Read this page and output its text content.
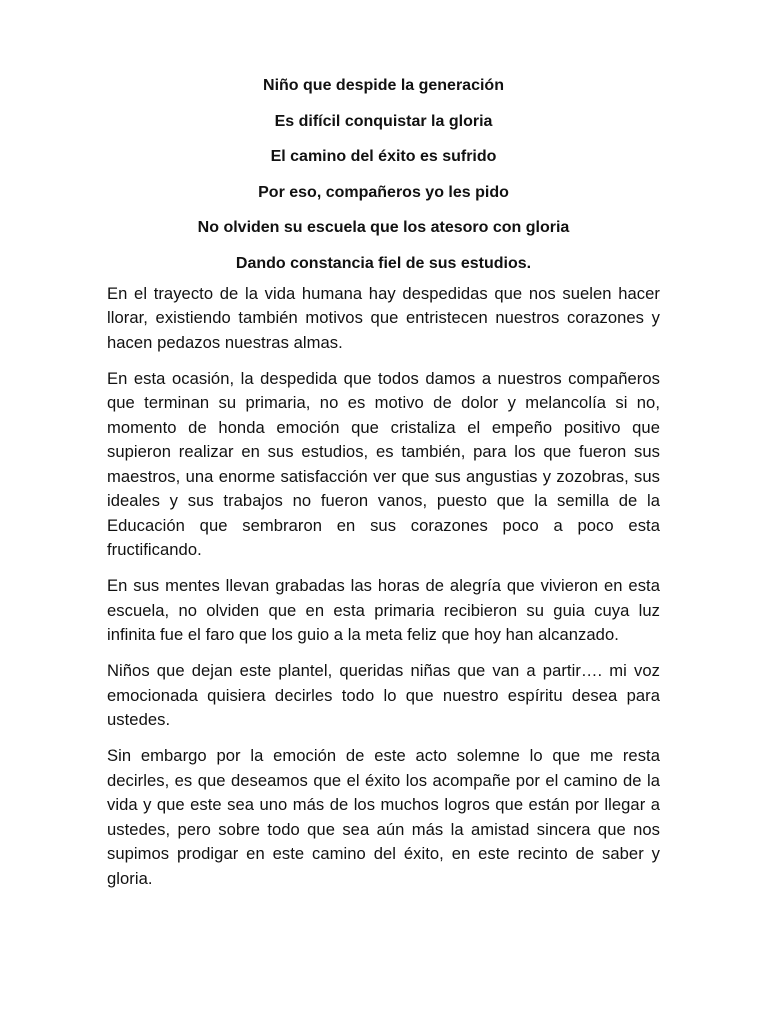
Niño que despide la generación
Es difícil conquistar la gloria
El camino del éxito es sufrido
Por eso, compañeros yo les pido
No olviden su escuela que los atesoro con gloria
Dando constancia fiel de sus estudios.

En el trayecto de la vida humana hay despedidas que nos suelen hacer llorar, existiendo también motivos que entristecen nuestros corazones y hacen pedazos nuestras almas.

En esta ocasión, la despedida que todos damos a nuestros compañeros que terminan su primaria, no es motivo de dolor y melancolía si no, momento de honda emoción que cristaliza el empeño positivo que supieron realizar en sus estudios, es también, para los que fueron sus maestros, una enorme satisfacción ver que sus angustias y zozobras, sus ideales y sus trabajos no fueron vanos, puesto que la semilla de la Educación que sembraron en sus corazones poco a poco esta fructificando.

En sus mentes llevan grabadas las horas de alegría que vivieron en esta escuela, no olviden que en esta primaria recibieron su guia cuya luz infinita fue el faro que los guio a la meta feliz que hoy han alcanzado.

Niños que dejan este plantel, queridas niñas que van a partir…. mi voz emocionada quisiera decirles todo lo que nuestro espíritu desea para ustedes.

Sin embargo por la emoción de este acto solemne lo que me resta decirles, es que deseamos que el éxito los acompañe por el camino de la vida y que este sea uno más de los muchos logros que están por llegar a ustedes, pero sobre todo que sea aún más la amistad sincera que nos supimos prodigar en este camino del éxito, en este recinto de saber y gloria.
